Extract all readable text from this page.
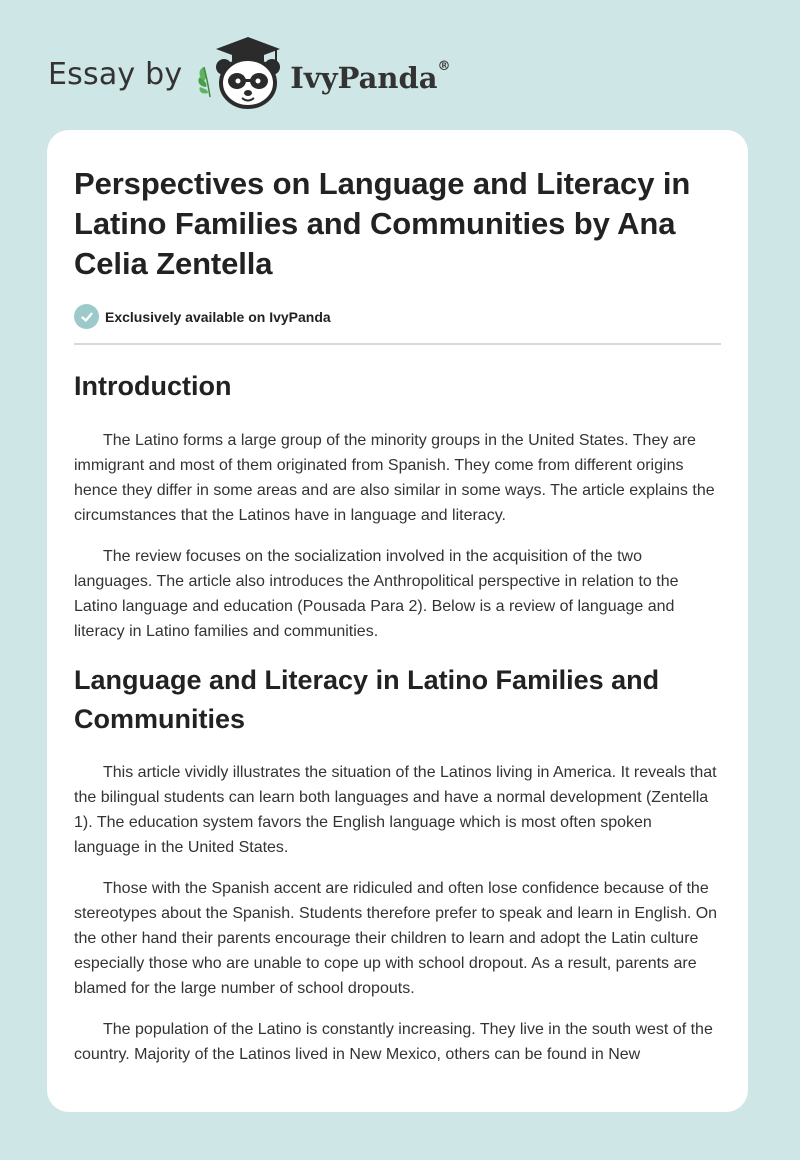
Essay by	IvyPanda®
Perspectives on Language and Literacy in Latino Families and Communities by Ana Celia Zentella
Exclusively available on IvyPanda
Introduction

The Latino forms a large group of the minority groups in the United States. They are immigrant and most of them originated from Spanish. They come from different origins hence they differ in some areas and are also similar in some ways. The article explains the circumstances that the Latinos have in language and literacy.

The review focuses on the socialization involved in the acquisition of the two languages. The article also introduces the Anthropolitical perspective in relation to the Latino language and education (Pousada Para 2). Below is a review of language and literacy in Latino families and communities.

Language and Literacy in Latino Families and Communities

This article vividly illustrates the situation of the Latinos living in America. It reveals that the bilingual students can learn both languages and have a normal development (Zentella 1). The education system favors the English language which is most often spoken language in the United States.

Those with the Spanish accent are ridiculed and often lose confidence because of the stereotypes about the Spanish. Students therefore prefer to speak and learn in English. On the other hand their parents encourage their children to learn and adopt the Latin culture especially those who are unable to cope up with school dropout. As a result, parents are blamed for the large number of school dropouts.

The population of the Latino is constantly increasing. They live in the south west of the country. Majority of the Latinos lived in New Mexico, others can be found in New
